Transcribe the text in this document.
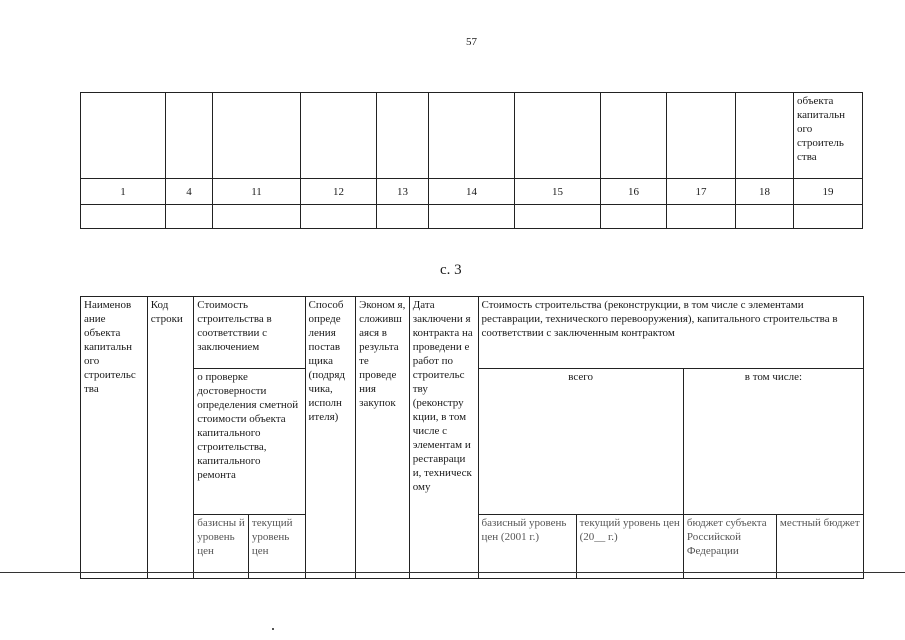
57
										объекта капитальн ого строитель ства
1	4	11	12	13	14	15	16	17	18	19

с. 3
Наименов ание объекта капитальн ого строительс тва	Код строки	Стоимость строительства в соответствии с заключением		Способ опреде ления постав щика (подряд чика, исполн ителя)	Эконом я, сложивш аяся в результа те проведе ния закупок	Дата заключени я контракта на проведени е работ по строительс тву (реконстру кции, в том числе с элементам и реставраци и, техническ ому	Стоимость строительства (реконструкции, в том числе с элементами реставрации, технического перевооружения), капитального строительства в соответствии с заключенным контрактом			
		о проверке достоверности определения сметной стоимости объекта капитального строительства, капитального ремонта					всего		в том числе:	
		базисны й уровень цен	текущий уровень цен				базисный уровень цен (2001 г.)	текущий уровень цен (20__ г.)	бюджет субъекта Российской Федерации	местный бюджет
